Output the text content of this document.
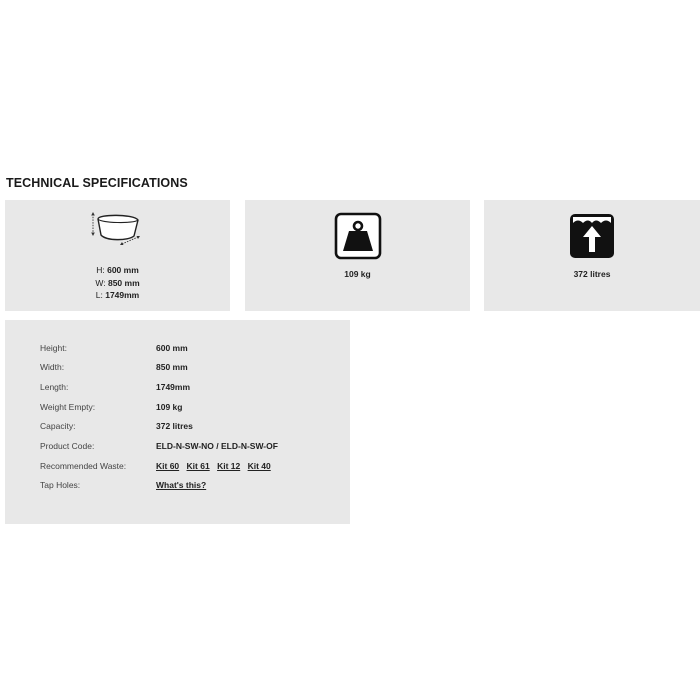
TECHNICAL SPECIFICATIONS
H: 600 mm
W: 850 mm
L: 1749mm
109 kg	372 litres
Height:	600 mm
Width:	850 mm
Length:	1749mm
Weight Empty:	109 kg
Capacity:	372 litres
Product Code:	ELD-N-SW-NO / ELD-N-SW-OF
Recommended Waste:	Kit 60 Kit 61 Kit 12 Kit 40
Tap Holes:	What's this?
